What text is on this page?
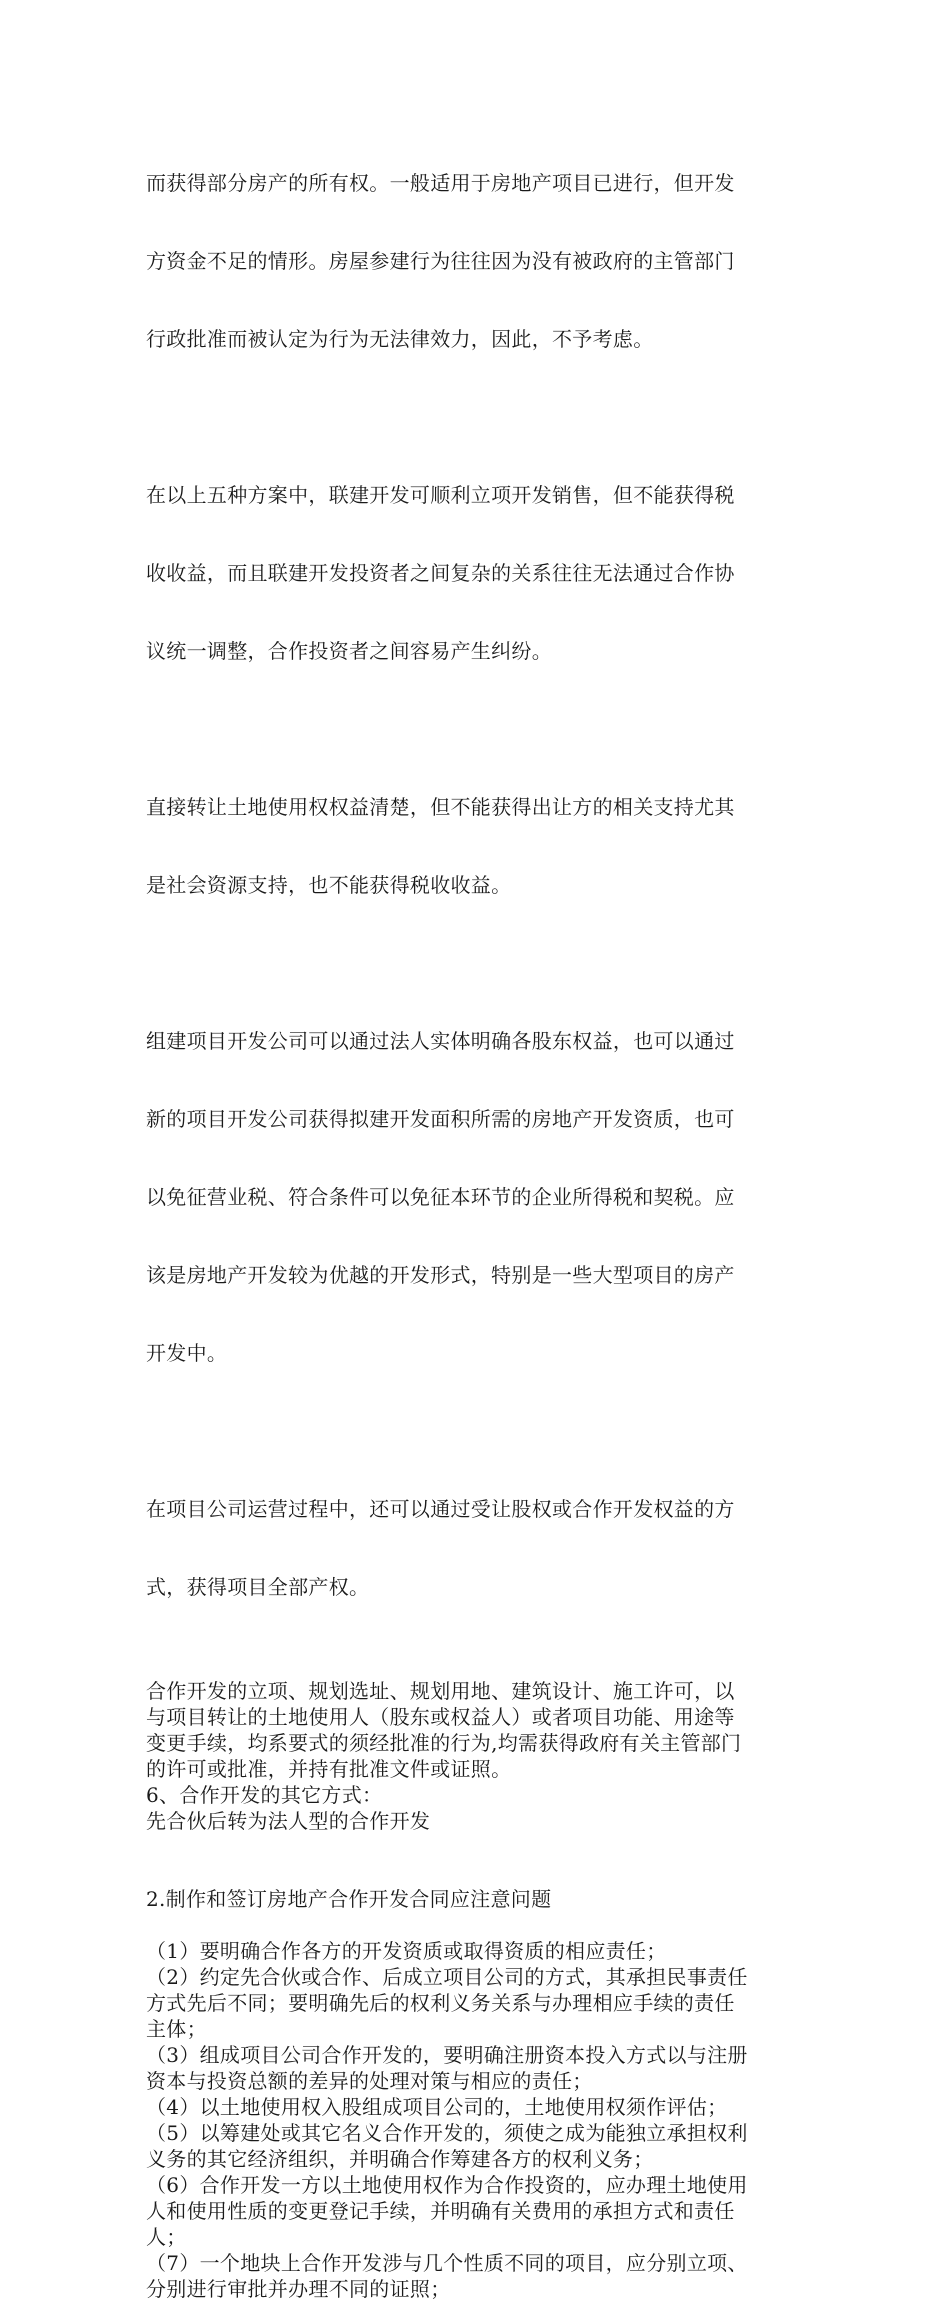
而获得部分房产的所有权。一般适用于房地产项目已进行，但开发

方资金不足的情形。房屋参建行为往往因为没有被政府的主管部门

行政批准而被认定为行为无法律效力，因此，不予考虑。

在以上五种方案中，联建开发可顺利立项开发销售，但不能获得税

收收益，而且联建开发投资者之间复杂的关系往往无法通过合作协

议统一调整，合作投资者之间容易产生纠纷。

直接转让土地使用权权益清楚，但不能获得出让方的相关支持尤其

是社会资源支持，也不能获得税收收益。

组建项目开发公司可以通过法人实体明确各股东权益，也可以通过

新的项目开发公司获得拟建开发面积所需的房地产开发资质，也可

以免征营业税、符合条件可以免征本环节的企业所得税和契税。应

该是房地产开发较为优越的开发形式，特别是一些大型项目的房产

开发中。

在项目公司运营过程中，还可以通过受让股权或合作开发权益的方

式，获得项目全部产权。

合作开发的立项、规划选址、规划用地、建筑设计、施工许可，以
与项目转让的土地使用人（股东或权益人）或者项目功能、用途等
变更手续，均系要式的须经批准的行为,均需获得政府有关主管部门
的许可或批准，并持有批准文件或证照。
6、合作开发的其它方式：
先合伙后转为法人型的合作开发
2.制作和签订房地产合作开发合同应注意问题
（1）要明确合作各方的开发资质或取得资质的相应责任；
（2）约定先合伙或合作、后成立项目公司的方式，其承担民事责任
方式先后不同；要明确先后的权利义务关系与办理相应手续的责任
主体；
（3）组成项目公司合作开发的，要明确注册资本投入方式以与注册
资本与投资总额的差异的处理对策与相应的责任；
（4）以土地使用权入股组成项目公司的，土地使用权须作评估；
（5）以筹建处或其它名义合作开发的，须使之成为能独立承担权利
义务的其它经济组织，并明确合作筹建各方的权利义务；
（6）合作开发一方以土地使用权作为合作投资的，应办理土地使用
人和使用性质的变更登记手续，并明确有关费用的承担方式和责任
人；
（7）一个地块上合作开发涉与几个性质不同的项目，应分别立项、
分别进行审批并办理不同的证照；
